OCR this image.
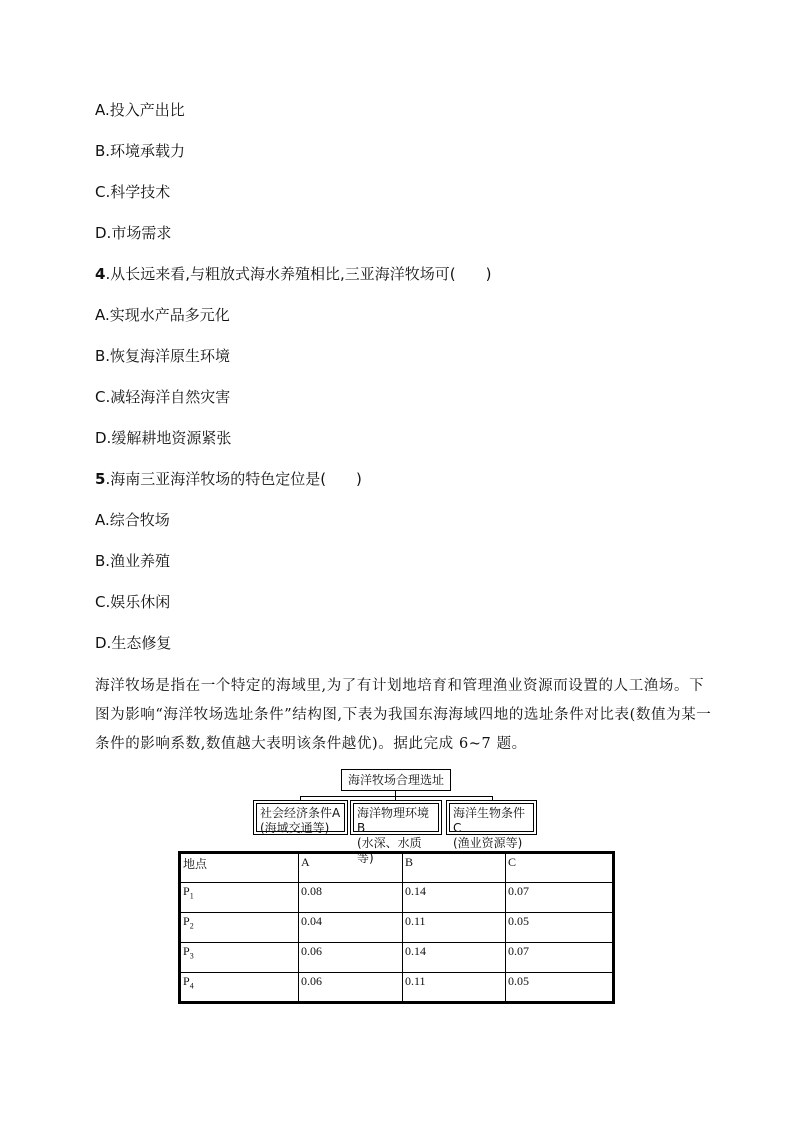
A.投入产出比
B.环境承载力
C.科学技术
D.市场需求
4.从长远来看,与粗放式海水养殖相比,三亚海洋牧场可(　　)
A.实现水产品多元化
B.恢复海洋原生环境
C.减轻海洋自然灾害
D.缓解耕地资源紧张
5.海南三亚海洋牧场的特色定位是(　　)
A.综合牧场
B.渔业养殖
C.娱乐休闲
D.生态修复
海洋牧场是指在一个特定的海域里,为了有计划地培育和管理渔业资源而设置的人工渔场。下图为影响“海洋牧场选址条件”结构图,下表为我国东海海域四地的选址条件对比表(数值为某一条件的影响系数,数值越大表明该条件越优)。据此完成 6~7 题。
海洋牧场合理选址
社会经济条件A
(海域交通等)
海洋物理环境B
(水深、水质等)
海洋生物条件C
(渔业资源等)
地点	A	B	C
$P_1$	0.08	0.14	0.07
$P_2$	0.04	0.11	0.05
$P_3$	0.06	0.14	0.07
$P_4$	0.06	0.11	0.05
